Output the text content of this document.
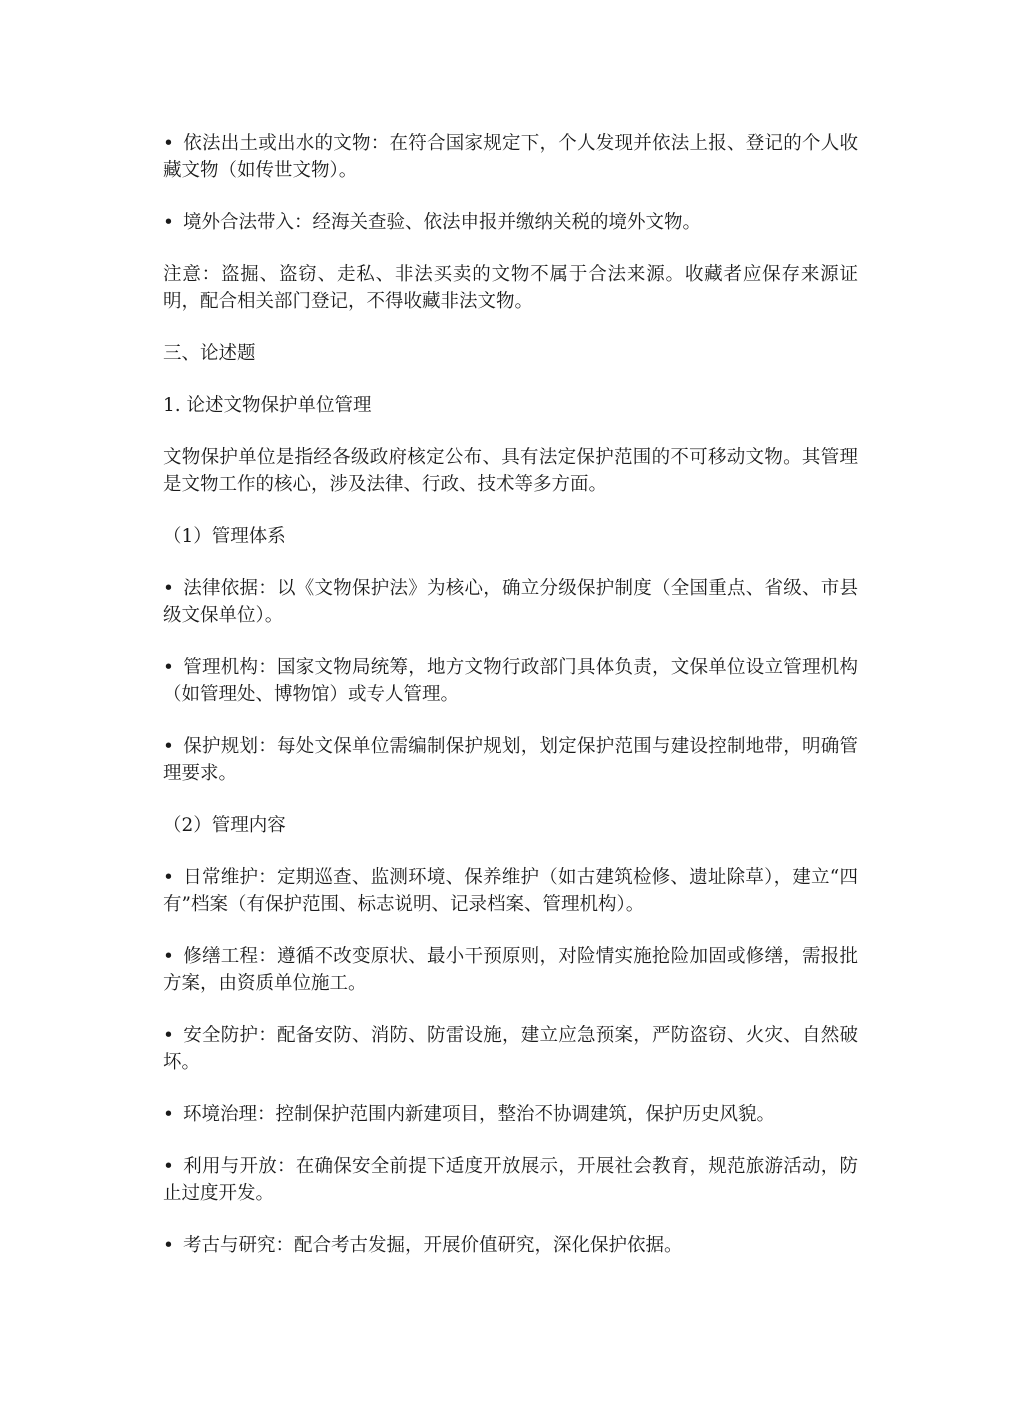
• 依法出土或出水的文物：在符合国家规定下，个人发现并依法上报、登记的个人收藏文物（如传世文物）。

• 境外合法带入：经海关查验、依法申报并缴纳关税的境外文物。

注意：盗掘、盗窃、走私、非法买卖的文物不属于合法来源。收藏者应保存来源证明，配合相关部门登记，不得收藏非法文物。

三、论述题

1. 论述文物保护单位管理

文物保护单位是指经各级政府核定公布、具有法定保护范围的不可移动文物。其管理是文物工作的核心，涉及法律、行政、技术等多方面。

（1）管理体系

• 法律依据：以《文物保护法》为核心，确立分级保护制度（全国重点、省级、市县级文保单位）。

• 管理机构：国家文物局统筹，地方文物行政部门具体负责，文保单位设立管理机构（如管理处、博物馆）或专人管理。

• 保护规划：每处文保单位需编制保护规划，划定保护范围与建设控制地带，明确管理要求。

（2）管理内容

• 日常维护：定期巡查、监测环境、保养维护（如古建筑检修、遗址除草），建立“四有”档案（有保护范围、标志说明、记录档案、管理机构）。

• 修缮工程：遵循不改变原状、最小干预原则，对险情实施抢险加固或修缮，需报批方案，由资质单位施工。

• 安全防护：配备安防、消防、防雷设施，建立应急预案，严防盗窃、火灾、自然破坏。

• 环境治理：控制保护范围内新建项目，整治不协调建筑，保护历史风貌。

• 利用与开放：在确保安全前提下适度开放展示，开展社会教育，规范旅游活动，防止过度开发。

• 考古与研究：配合考古发掘，开展价值研究，深化保护依据。
